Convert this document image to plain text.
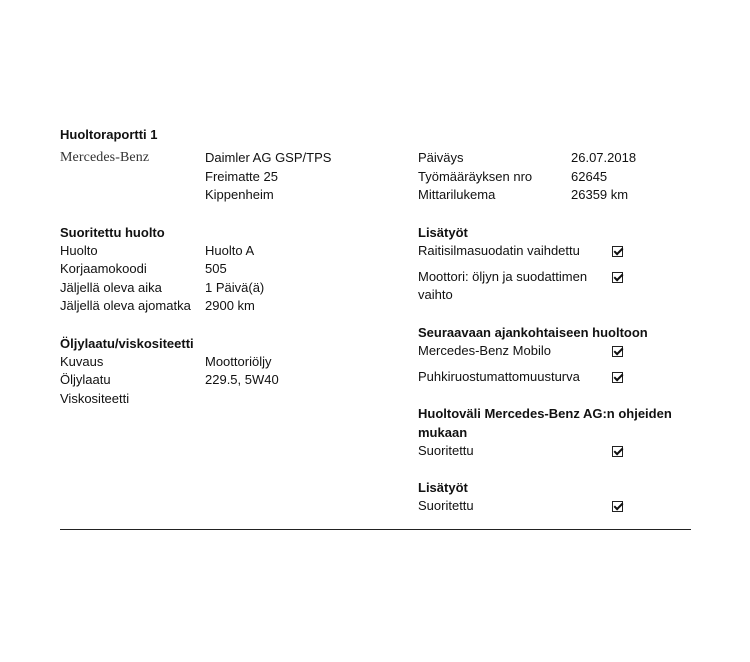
Huoltoraportti 1
Mercedes-Benz	Daimler AG GSP/TPS
Freimatte 25
Kippenheim
Päiväys	26.07.2018
Työmääräyksen nro	62645
Mittarilukema	26359 km
Suoritettu huolto
Huolto	Huolto A
Korjaamokoodi	505
Jäljellä oleva aika	1 Päivä(ä)
Jäljellä oleva ajomatka 2900 km
Öljylaatu/viskositeetti
Kuvaus	Moottoriöljy
Öljylaatu	229.5, 5W40
Viskositeetti
Lisätyöt
Raitisilmasuodatin vaihdettu
Moottori: öljyn ja suodattimen
vaihto
Seuraavaan ajankohtaiseen huoltoon
Mercedes-Benz Mobilo
Puhkiruostumattomuusturva
Huoltoväli Mercedes-Benz AG:n ohjeiden
mukaan
Suoritettu
Lisätyöt
Suoritettu
